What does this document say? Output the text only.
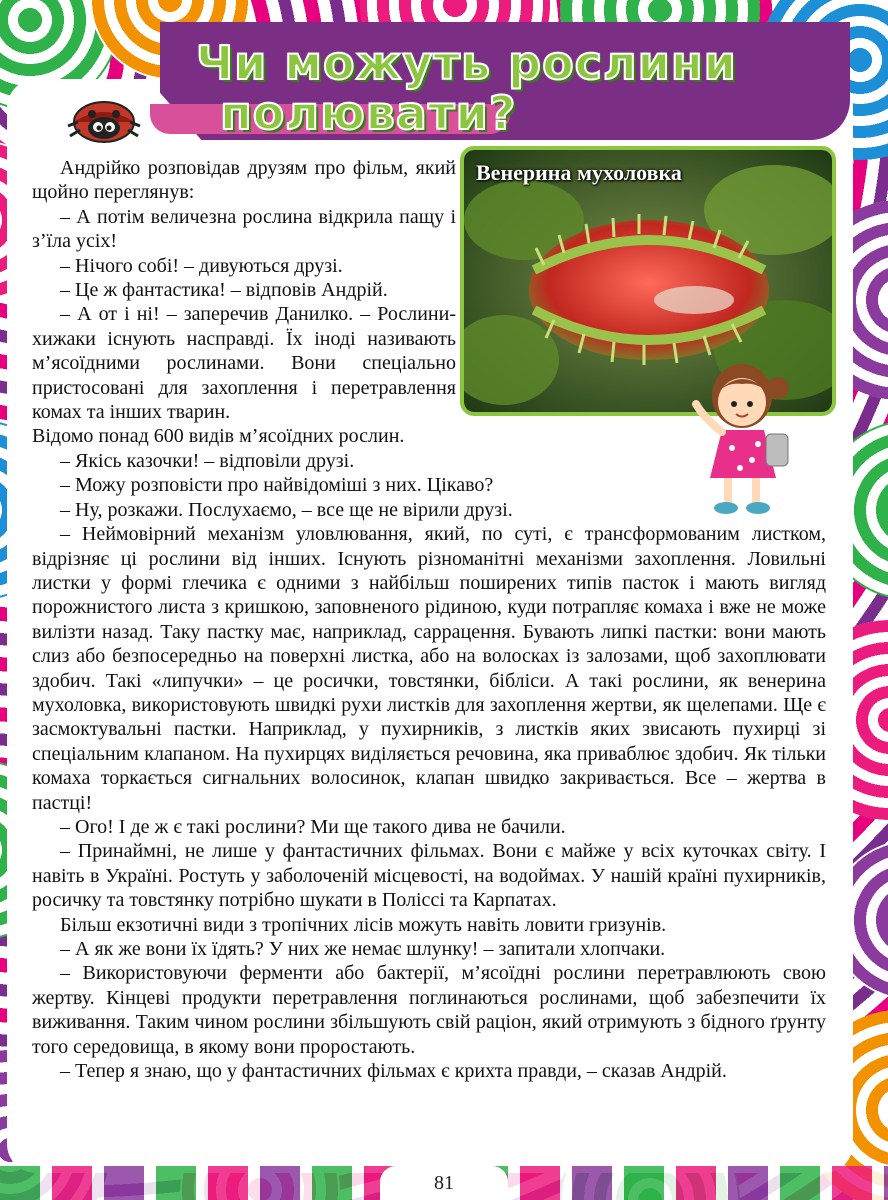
Чи можуть рослини
полювати?
Венерина мухоловка

Андрійко розповідав друзям про фільм, який щойно переглянув:

– А потім величезна рослина відкрила пащу і з’їла усіх!

– Нічого собі! – дивуються друзі.

– Це ж фантастика! – відповів Андрій.

– А от і ні! – заперечив Данилко. – Рослини-хижаки існують насправді. Їх іноді називають м’ясоїдними рослинами. Вони спеціально пристосовані для захоплення і перетравлення комах та інших тварин.

Відомо понад 600 видів м’ясоїдних рослин.

– Якісь казочки! – відповіли друзі.

– Можу розповісти про найвідоміші з них. Цікаво?

– Ну, розкажи. Послухаємо, – все ще не вірили друзі.

– Неймовірний механізм уловлювання, який, по суті, є трансформованим листком, відрізняє ці рослини від інших. Існують різноманітні механізми захоплення. Ловильні листки у формі глечика є одними з найбільш поширених типів пасток і мають вигляд порожнистого листа з кришкою, заповненого рідиною, куди потрапляє комаха і вже не може вилізти назад. Таку пастку має, наприклад, саррацення. Бувають липкі пастки: вони мають слиз або безпосередньо на поверхні листка, або на волосках із залозами, щоб захоплювати здобич. Такі «липучки» – це росички, товстянки, бібліси. А такі рослини, як венерина мухоловка, використовують швидкі рухи листків для захоплення жертви, як щелепами. Ще є засмоктувальні пастки. Наприклад, у пухирників, з листків яких звисають пухирці зі спеціальним клапаном. На пухирцях виділяється речовина, яка приваблює здобич. Як тільки комаха торкається сигнальних волосинок, клапан швидко закривається. Все – жертва в пастці!

– Ого! І де ж є такі рослини? Ми ще такого дива не бачили.

– Принаймні, не лише у фантастичних фільмах. Вони є майже у всіх куточках світу. І навіть в Україні. Ростуть у заболоченій місцевості, на водоймах. У нашій країні пухирників, росичку та товстянку потрібно шукати в Поліссі та Карпатах.

Більш екзотичні види з тропічних лісів можуть навіть ловити гризунів.

– А як же вони їх їдять? У них же немає шлунку! – запитали хлопчаки.

– Використовуючи ферменти або бактерії, м’ясоїдні рослини перетравлюють свою жертву. Кінцеві продукти перетравлення поглинаються рослинами, щоб забезпечити їх виживання. Таким чином рослини збільшують свій раціон, який отримують з бідного ґрунту того середовища, в якому вони проростають.

– Тепер я знаю, що у фантастичних фільмах є крихта правди, – сказав Андрій.

81
